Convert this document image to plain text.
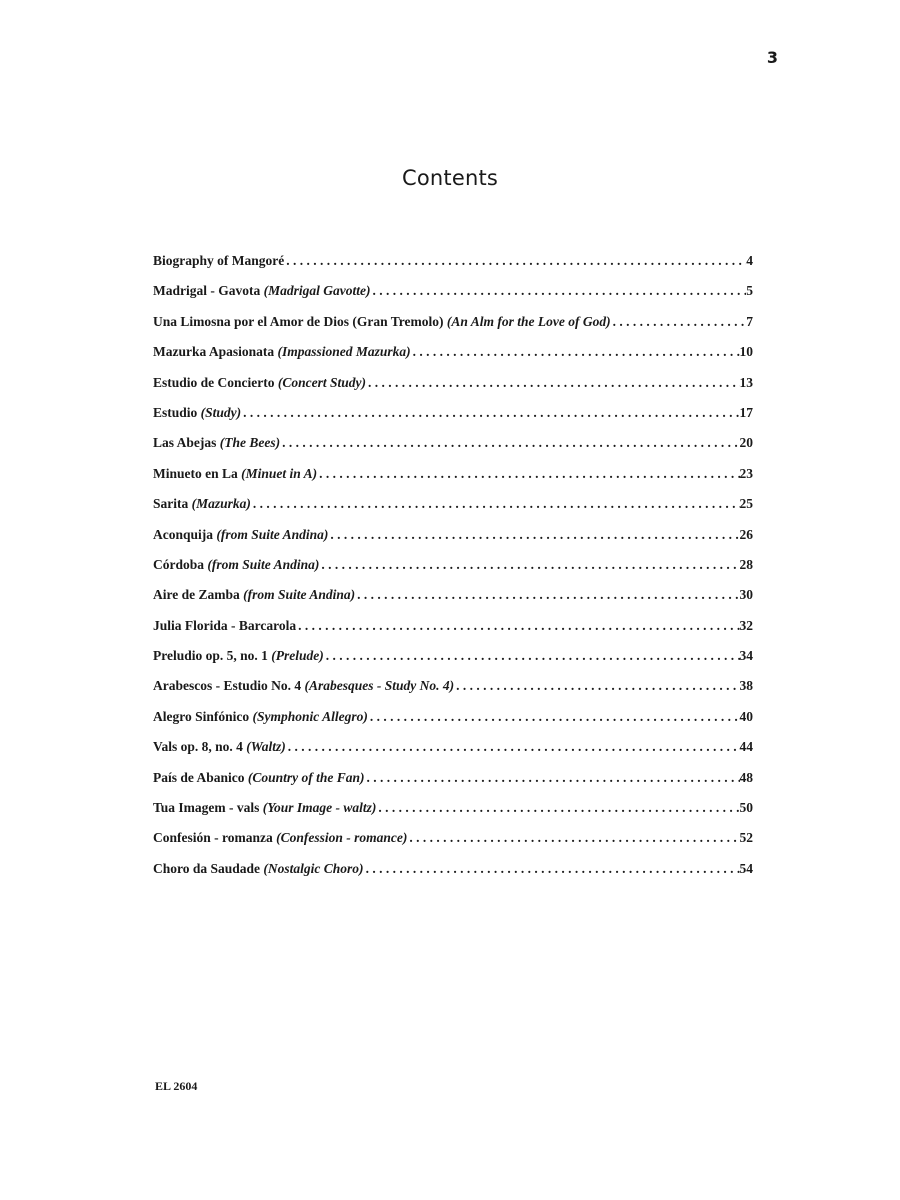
3
Contents
Biography of Mangoré . . .	4
Madrigal - Gavota (Madrigal Gavotte) . . .	5
Una Limosna por el Amor de Dios (Gran Tremolo) (An Alm for the Love of God) . . .	7
Mazurka Apasionata (Impassioned Mazurka) . . .	10
Estudio de Concierto (Concert Study) . . .	13
Estudio (Study) . . .	17
Las Abejas (The Bees) . . .	20
Minueto en La (Minuet in A) . . .	23
Sarita (Mazurka) . . .	25
Aconquija (from Suite Andina) . . .	26
Córdoba (from Suite Andina) . . .	28
Aire de Zamba (from Suite Andina) . . .	30
Julia Florida - Barcarola . . .	32
Preludio op. 5, no. 1 (Prelude) . . .	34
Arabescos - Estudio No. 4 (Arabesques - Study No. 4) . . .	38
Alegro Sinfónico (Symphonic Allegro) . . .	40
Vals op. 8, no. 4 (Waltz) . . .	44
País de Abanico (Country of the Fan) . . .	48
Tua Imagem - vals (Your Image - waltz) . . .	50
Confesión - romanza (Confession - romance) . . .	52
Choro da Saudade (Nostalgic Choro) . . .	54
EL 2604
